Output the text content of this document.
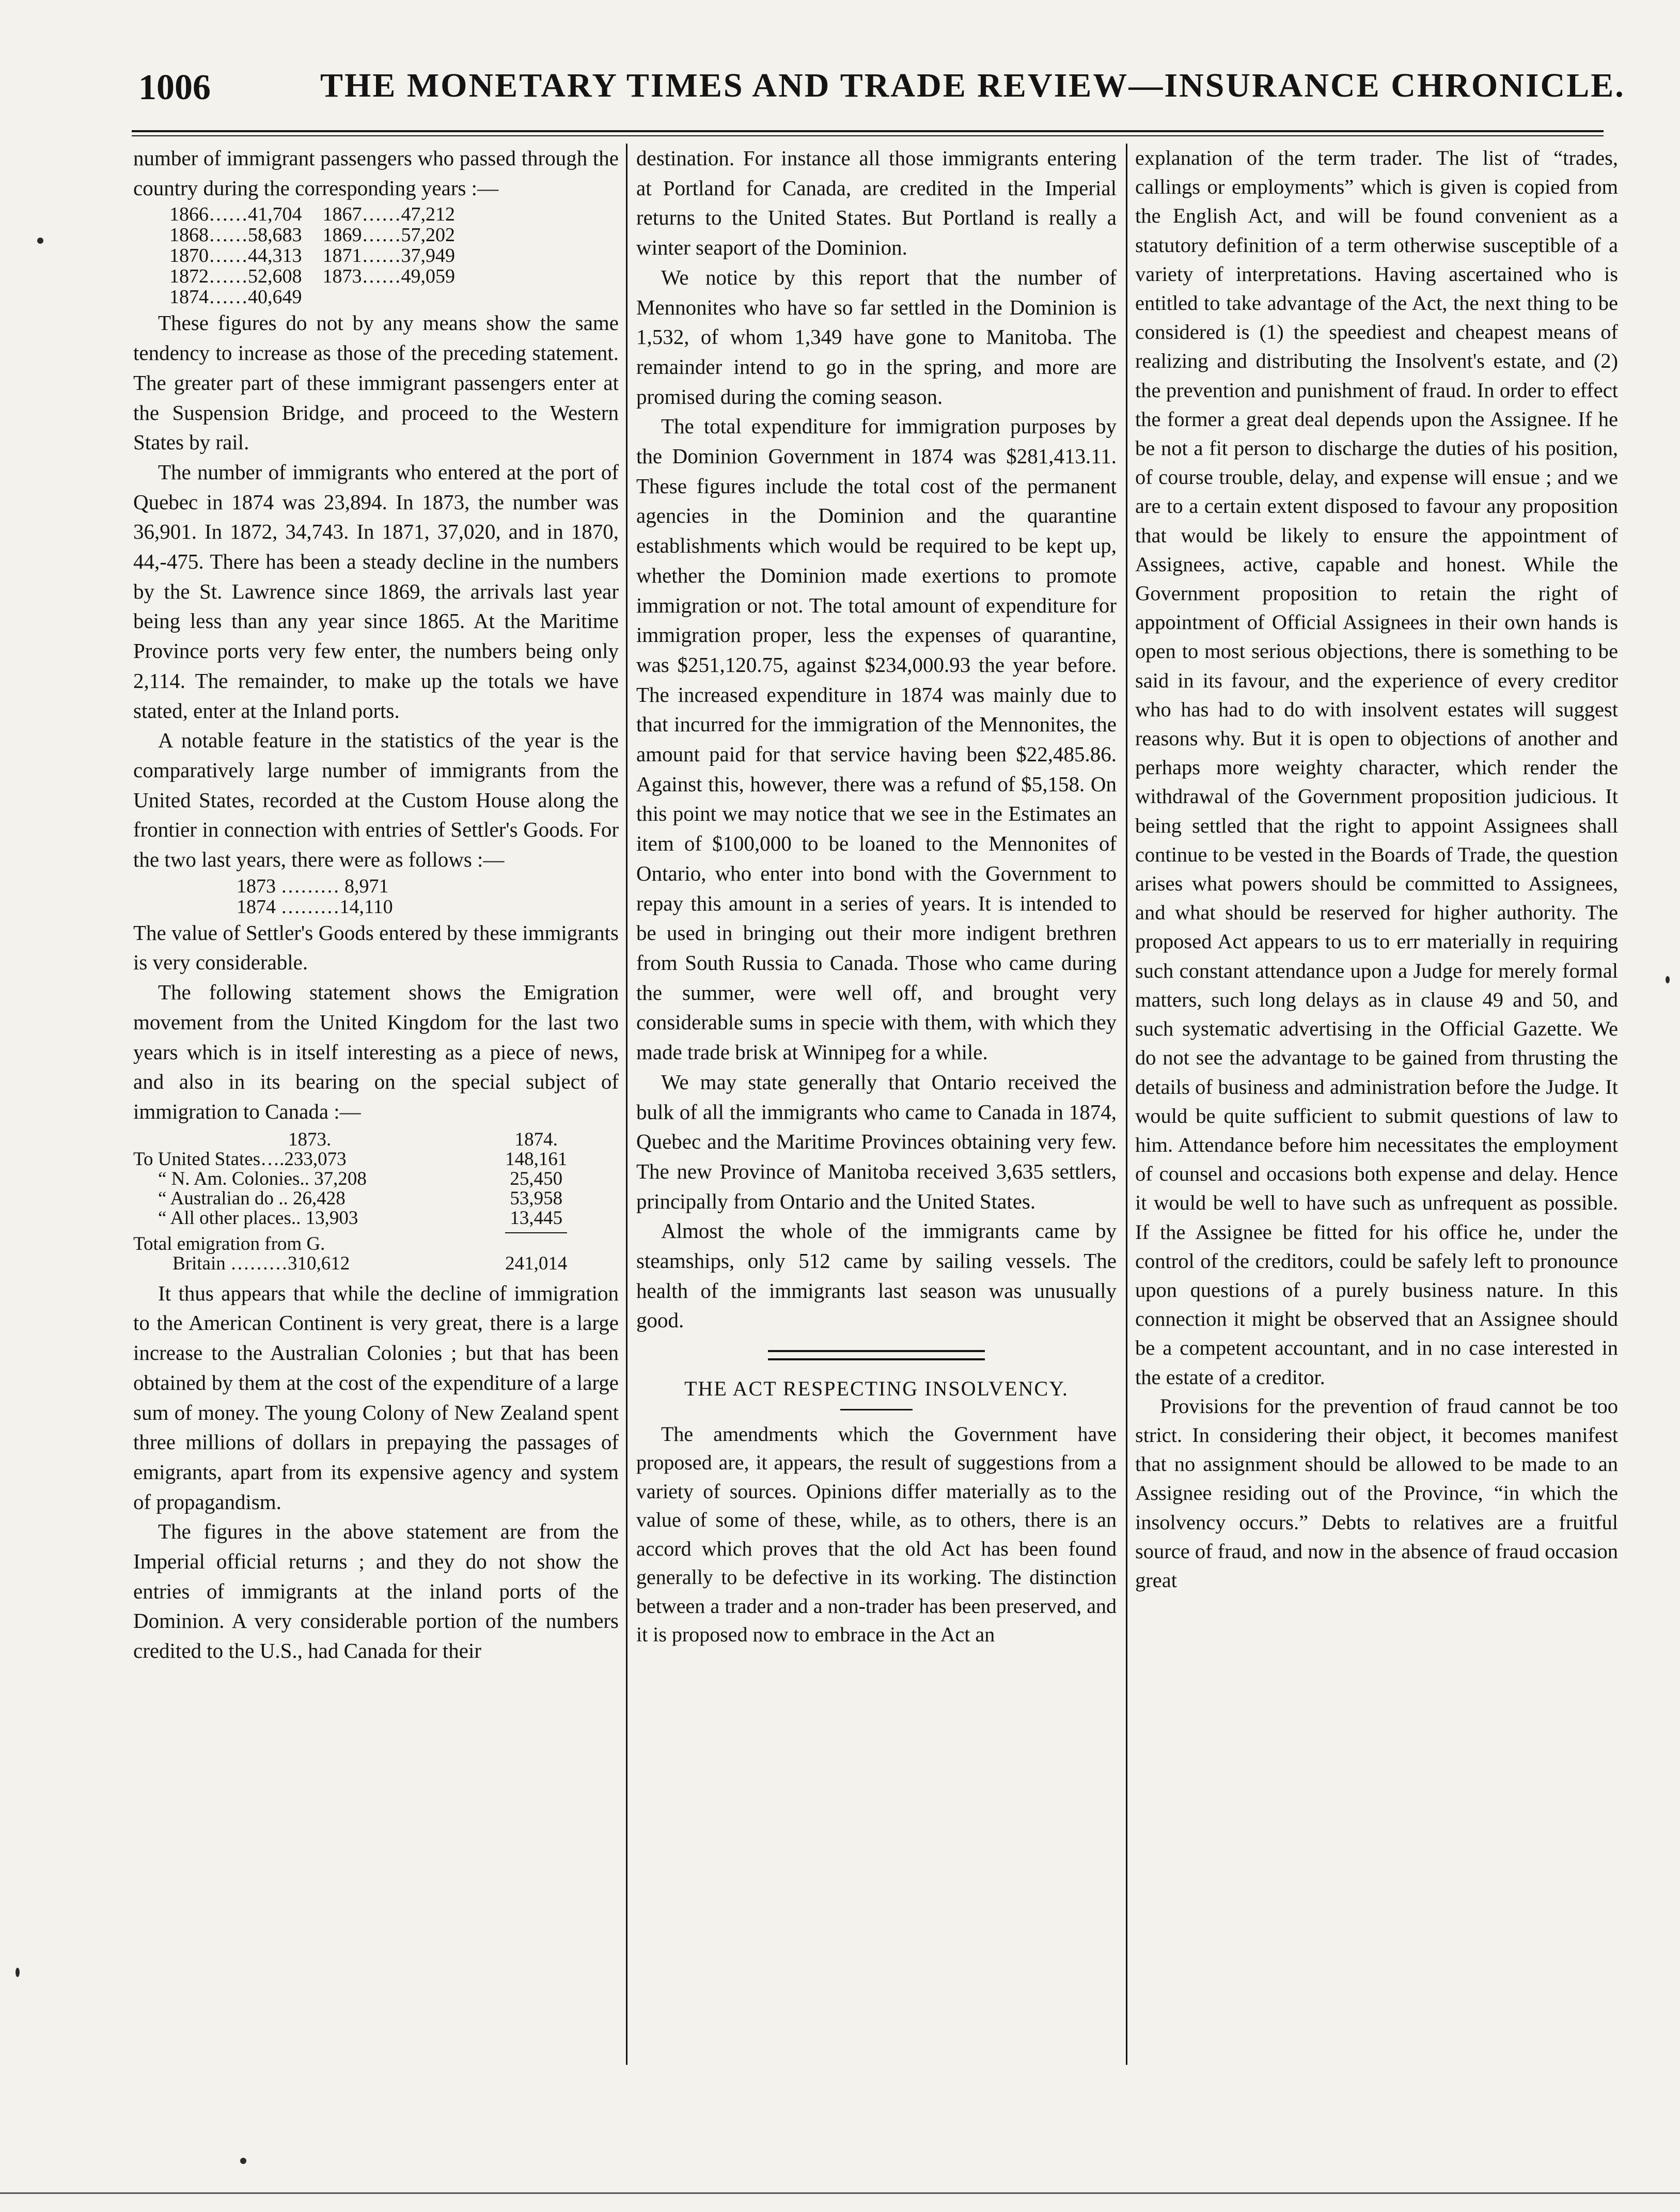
1006	THE MONETARY TIMES AND TRADE REVIEW—INSURANCE CHRONICLE.

number of immigrant passengers who passed through the country during the corresponding years :—

1866……41,704	1867……47,212
1868……58,683	1869……57,202
1870……44,313	1871……37,949
1872……52,608	1873……49,059
1874……40,649	

These figures do not by any means show the same tendency to increase as those of the preceding statement. The greater part of these immigrant passengers enter at the Suspension Bridge, and proceed to the Western States by rail.

The number of immigrants who entered at the port of Quebec in 1874 was 23,894. In 1873, the number was 36,901. In 1872, 34,743. In 1871, 37,020, and in 1870, 44,-475. There has been a steady decline in the numbers by the St. Lawrence since 1869, the arrivals last year being less than any year since 1865. At the Maritime Province ports very few enter, the numbers being only 2,114. The remainder, to make up the totals we have stated, enter at the Inland ports.

A notable feature in the statistics of the year is the comparatively large number of immigrants from the United States, recorded at the Custom House along the frontier in connection with entries of Settler's Goods. For the two last years, there were as follows :—

1873 ……… 8,971
1874 ………14,110

The value of Settler's Goods entered by these immigrants is very considerable.

The following statement shows the Emigration movement from the United Kingdom for the last two years which is in itself interesting as a piece of news, and also in its bearing on the special subject of immigration to Canada :—

1873.	1874.
To United States….233,073	148,161
“ N. Am. Colonies.. 37,208	25,450
“ Australian do .. 26,428	53,958
“ All other places.. 13,903	13,445

Total emigration from G.	
Britain ………310,612	241,014

It thus appears that while the decline of immigration to the American Continent is very great, there is a large increase to the Australian Colonies ; but that has been obtained by them at the cost of the expenditure of a large sum of money. The young Colony of New Zealand spent three millions of dollars in prepaying the passages of emigrants, apart from its expensive agency and system of propagandism.

The figures in the above statement are from the Imperial official returns ; and they do not show the entries of immigrants at the inland ports of the Dominion. A very considerable portion of the numbers credited to the U.S., had Canada for their

destination. For instance all those immigrants entering at Portland for Canada, are credited in the Imperial returns to the United States. But Portland is really a winter seaport of the Dominion.

We notice by this report that the number of Mennonites who have so far settled in the Dominion is 1,532, of whom 1,349 have gone to Manitoba. The remainder intend to go in the spring, and more are promised during the coming season.

The total expenditure for immigration purposes by the Dominion Government in 1874 was $281,413.11. These figures include the total cost of the permanent agencies in the Dominion and the quarantine establishments which would be required to be kept up, whether the Dominion made exertions to promote immigration or not. The total amount of expenditure for immigration proper, less the expenses of quarantine, was $251,120.75, against $234,000.93 the year before. The increased expenditure in 1874 was mainly due to that incurred for the immigration of the Mennonites, the amount paid for that service having been $22,485.86. Against this, however, there was a refund of $5,158. On this point we may notice that we see in the Estimates an item of $100,000 to be loaned to the Mennonites of Ontario, who enter into bond with the Government to repay this amount in a series of years. It is intended to be used in bringing out their more indigent brethren from South Russia to Canada. Those who came during the summer, were well off, and brought very considerable sums in specie with them, with which they made trade brisk at Winnipeg for a while.

We may state generally that Ontario received the bulk of all the immigrants who came to Canada in 1874, Quebec and the Maritime Provinces obtaining very few. The new Province of Manitoba received 3,635 settlers, principally from Ontario and the United States.

Almost the whole of the immigrants came by steamships, only 512 came by sailing vessels. The health of the immigrants last season was unusually good.

THE ACT RESPECTING INSOLVENCY.

The amendments which the Government have proposed are, it appears, the result of suggestions from a variety of sources. Opinions differ materially as to the value of some of these, while, as to others, there is an accord which proves that the old Act has been found generally to be defective in its working. The distinction between a trader and a non-trader has been preserved, and it is proposed now to embrace in the Act an

explanation of the term trader. The list of “trades, callings or employments” which is given is copied from the English Act, and will be found convenient as a statutory definition of a term otherwise susceptible of a variety of interpretations. Having ascertained who is entitled to take advantage of the Act, the next thing to be considered is (1) the speediest and cheapest means of realizing and distributing the Insolvent's estate, and (2) the prevention and punishment of fraud. In order to effect the former a great deal depends upon the Assignee. If he be not a fit person to discharge the duties of his position, of course trouble, delay, and expense will ensue ; and we are to a certain extent disposed to favour any proposition that would be likely to ensure the appointment of Assignees, active, capable and honest. While the Government proposition to retain the right of appointment of Official Assignees in their own hands is open to most serious objections, there is something to be said in its favour, and the experience of every creditor who has had to do with insolvent estates will suggest reasons why. But it is open to objections of another and perhaps more weighty character, which render the withdrawal of the Government proposition judicious. It being settled that the right to appoint Assignees shall continue to be vested in the Boards of Trade, the question arises what powers should be committed to Assignees, and what should be reserved for higher authority. The proposed Act appears to us to err materially in requiring such constant attendance upon a Judge for merely formal matters, such long delays as in clause 49 and 50, and such systematic advertising in the Official Gazette. We do not see the advantage to be gained from thrusting the details of business and administration before the Judge. It would be quite sufficient to submit questions of law to him. Attendance before him necessitates the employment of counsel and occasions both expense and delay. Hence it would be well to have such as unfrequent as possible. If the Assignee be fitted for his office he, under the control of the creditors, could be safely left to pronounce upon questions of a purely business nature. In this connection it might be observed that an Assignee should be a competent accountant, and in no case interested in the estate of a creditor.

Provisions for the prevention of fraud cannot be too strict. In considering their object, it becomes manifest that no assignment should be allowed to be made to an Assignee residing out of the Province, “in which the insolvency occurs.” Debts to relatives are a fruitful source of fraud, and now in the absence of fraud occasion great
